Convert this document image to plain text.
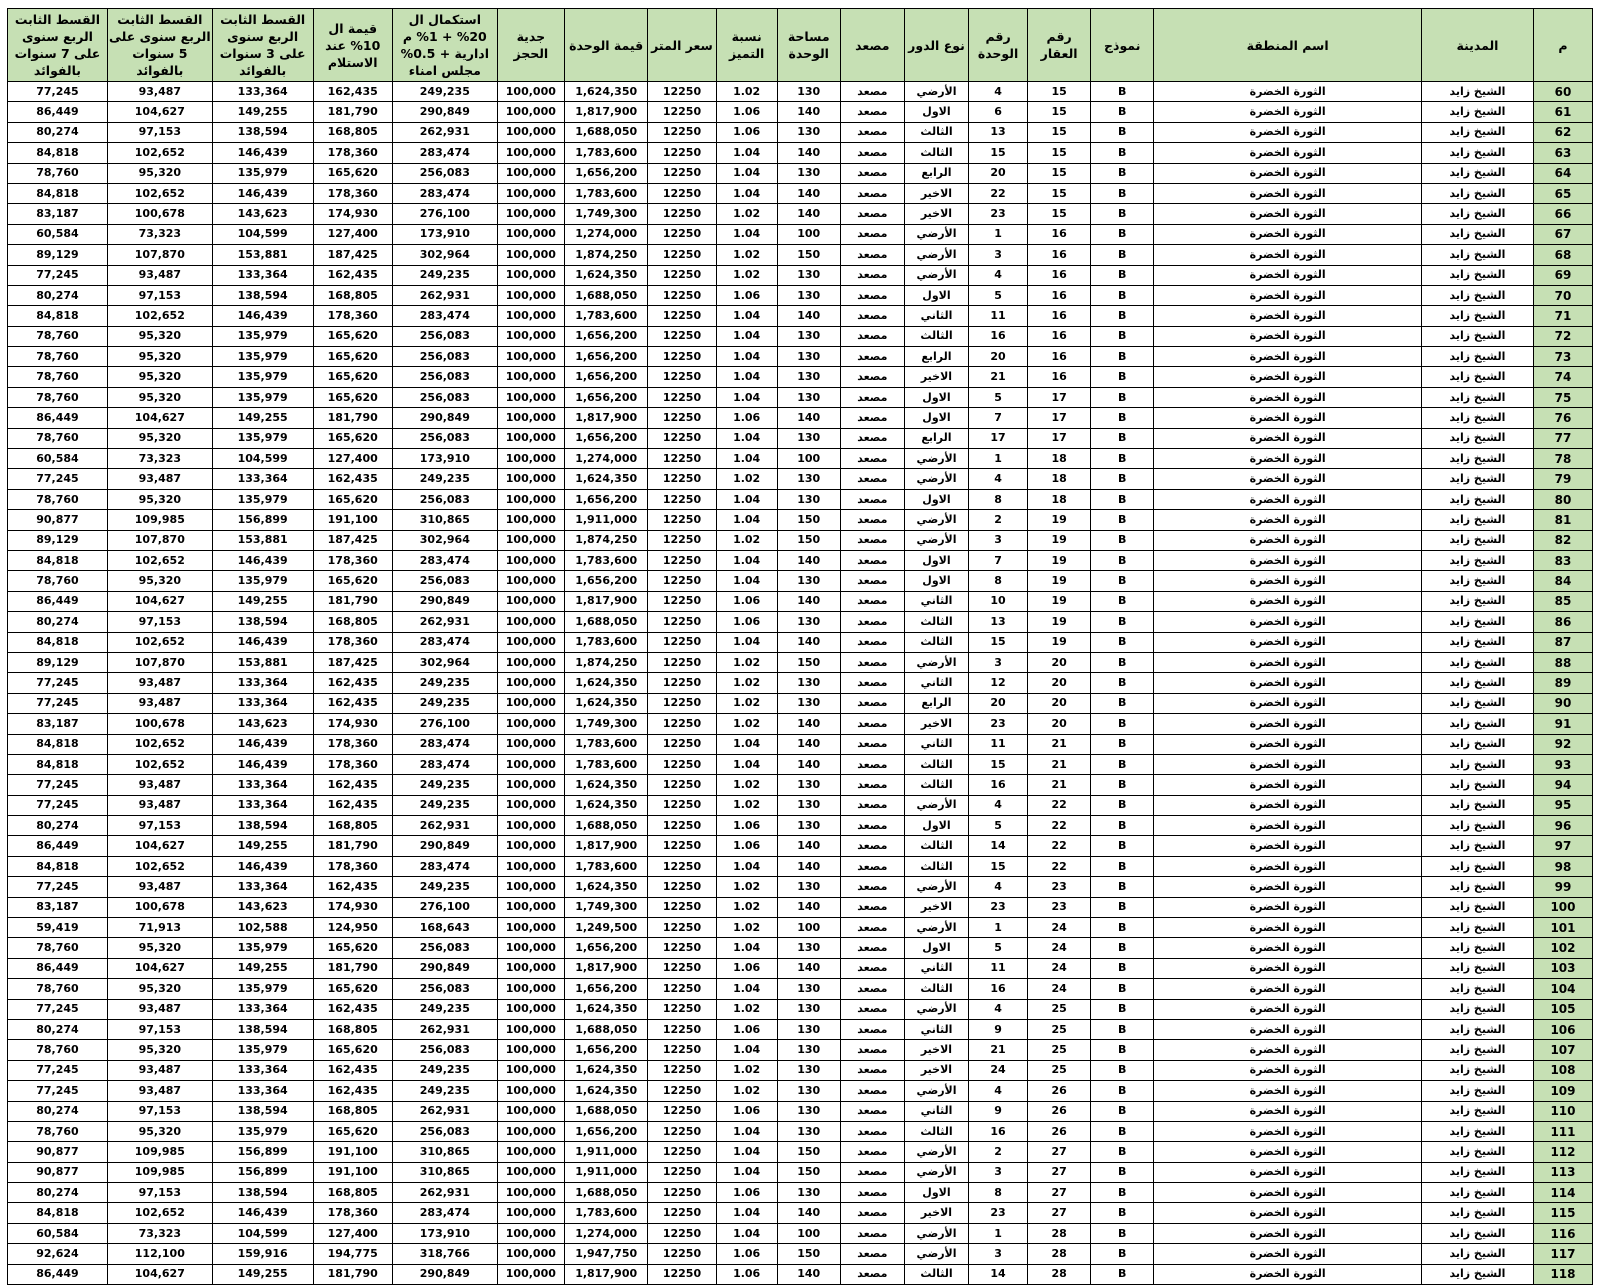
م	المدينة	اسم المنطقة	نموذج	رقم العقار	رقم الوحدة	نوع الدور	مصعد	مساحة الوحدة	نسبة التميز	سعر المتر	قيمة الوحدة	جدية الحجز	استكمال ال 20% + 1% م ادارية + 0.5% مجلس امناء	قيمة ال 10% عند الاستلام	القسط الثابت الربع سنوى على 3 سنوات بالفوائد	القسط الثابت الربع سنوى على 5 سنوات بالفوائد	القسط الثابت الربع سنوى على 7 سنوات بالفوائد
60	الشيخ زايد	الثورة الخضرة	B	15	4	الأرضي	مصعد	130	1.02	12250	1,624,350	100,000	249,235	162,435	133,364	93,487	77,245
61	الشيخ زايد	الثورة الخضرة	B	15	6	الاول	مصعد	140	1.06	12250	1,817,900	100,000	290,849	181,790	149,255	104,627	86,449
62	الشيخ زايد	الثورة الخضرة	B	15	13	الثالث	مصعد	130	1.06	12250	1,688,050	100,000	262,931	168,805	138,594	97,153	80,274
63	الشيخ زايد	الثورة الخضرة	B	15	15	الثالث	مصعد	140	1.04	12250	1,783,600	100,000	283,474	178,360	146,439	102,652	84,818
64	الشيخ زايد	الثورة الخضرة	B	15	20	الرابع	مصعد	130	1.04	12250	1,656,200	100,000	256,083	165,620	135,979	95,320	78,760
65	الشيخ زايد	الثورة الخضرة	B	15	22	الاخير	مصعد	140	1.04	12250	1,783,600	100,000	283,474	178,360	146,439	102,652	84,818
66	الشيخ زايد	الثورة الخضرة	B	15	23	الاخير	مصعد	140	1.02	12250	1,749,300	100,000	276,100	174,930	143,623	100,678	83,187
67	الشيخ زايد	الثورة الخضرة	B	16	1	الأرضي	مصعد	100	1.04	12250	1,274,000	100,000	173,910	127,400	104,599	73,323	60,584
68	الشيخ زايد	الثورة الخضرة	B	16	3	الأرضي	مصعد	150	1.02	12250	1,874,250	100,000	302,964	187,425	153,881	107,870	89,129
69	الشيخ زايد	الثورة الخضرة	B	16	4	الأرضي	مصعد	130	1.02	12250	1,624,350	100,000	249,235	162,435	133,364	93,487	77,245
70	الشيخ زايد	الثورة الخضرة	B	16	5	الاول	مصعد	130	1.06	12250	1,688,050	100,000	262,931	168,805	138,594	97,153	80,274
71	الشيخ زايد	الثورة الخضرة	B	16	11	الثاني	مصعد	140	1.04	12250	1,783,600	100,000	283,474	178,360	146,439	102,652	84,818
72	الشيخ زايد	الثورة الخضرة	B	16	16	الثالث	مصعد	130	1.04	12250	1,656,200	100,000	256,083	165,620	135,979	95,320	78,760
73	الشيخ زايد	الثورة الخضرة	B	16	20	الرابع	مصعد	130	1.04	12250	1,656,200	100,000	256,083	165,620	135,979	95,320	78,760
74	الشيخ زايد	الثورة الخضرة	B	16	21	الاخير	مصعد	130	1.04	12250	1,656,200	100,000	256,083	165,620	135,979	95,320	78,760
75	الشيخ زايد	الثورة الخضرة	B	17	5	الاول	مصعد	130	1.04	12250	1,656,200	100,000	256,083	165,620	135,979	95,320	78,760
76	الشيخ زايد	الثورة الخضرة	B	17	7	الاول	مصعد	140	1.06	12250	1,817,900	100,000	290,849	181,790	149,255	104,627	86,449
77	الشيخ زايد	الثورة الخضرة	B	17	17	الرابع	مصعد	130	1.04	12250	1,656,200	100,000	256,083	165,620	135,979	95,320	78,760
78	الشيخ زايد	الثورة الخضرة	B	18	1	الأرضي	مصعد	100	1.04	12250	1,274,000	100,000	173,910	127,400	104,599	73,323	60,584
79	الشيخ زايد	الثورة الخضرة	B	18	4	الأرضي	مصعد	130	1.02	12250	1,624,350	100,000	249,235	162,435	133,364	93,487	77,245
80	الشيخ زايد	الثورة الخضرة	B	18	8	الاول	مصعد	130	1.04	12250	1,656,200	100,000	256,083	165,620	135,979	95,320	78,760
81	الشيخ زايد	الثورة الخضرة	B	19	2	الأرضي	مصعد	150	1.04	12250	1,911,000	100,000	310,865	191,100	156,899	109,985	90,877
82	الشيخ زايد	الثورة الخضرة	B	19	3	الأرضي	مصعد	150	1.02	12250	1,874,250	100,000	302,964	187,425	153,881	107,870	89,129
83	الشيخ زايد	الثورة الخضرة	B	19	7	الاول	مصعد	140	1.04	12250	1,783,600	100,000	283,474	178,360	146,439	102,652	84,818
84	الشيخ زايد	الثورة الخضرة	B	19	8	الاول	مصعد	130	1.04	12250	1,656,200	100,000	256,083	165,620	135,979	95,320	78,760
85	الشيخ زايد	الثورة الخضرة	B	19	10	الثاني	مصعد	140	1.06	12250	1,817,900	100,000	290,849	181,790	149,255	104,627	86,449
86	الشيخ زايد	الثورة الخضرة	B	19	13	الثالث	مصعد	130	1.06	12250	1,688,050	100,000	262,931	168,805	138,594	97,153	80,274
87	الشيخ زايد	الثورة الخضرة	B	19	15	الثالث	مصعد	140	1.04	12250	1,783,600	100,000	283,474	178,360	146,439	102,652	84,818
88	الشيخ زايد	الثورة الخضرة	B	20	3	الأرضي	مصعد	150	1.02	12250	1,874,250	100,000	302,964	187,425	153,881	107,870	89,129
89	الشيخ زايد	الثورة الخضرة	B	20	12	الثاني	مصعد	130	1.02	12250	1,624,350	100,000	249,235	162,435	133,364	93,487	77,245
90	الشيخ زايد	الثورة الخضرة	B	20	20	الرابع	مصعد	130	1.02	12250	1,624,350	100,000	249,235	162,435	133,364	93,487	77,245
91	الشيخ زايد	الثورة الخضرة	B	20	23	الاخير	مصعد	140	1.02	12250	1,749,300	100,000	276,100	174,930	143,623	100,678	83,187
92	الشيخ زايد	الثورة الخضرة	B	21	11	الثاني	مصعد	140	1.04	12250	1,783,600	100,000	283,474	178,360	146,439	102,652	84,818
93	الشيخ زايد	الثورة الخضرة	B	21	15	الثالث	مصعد	140	1.04	12250	1,783,600	100,000	283,474	178,360	146,439	102,652	84,818
94	الشيخ زايد	الثورة الخضرة	B	21	16	الثالث	مصعد	130	1.02	12250	1,624,350	100,000	249,235	162,435	133,364	93,487	77,245
95	الشيخ زايد	الثورة الخضرة	B	22	4	الأرضي	مصعد	130	1.02	12250	1,624,350	100,000	249,235	162,435	133,364	93,487	77,245
96	الشيخ زايد	الثورة الخضرة	B	22	5	الاول	مصعد	130	1.06	12250	1,688,050	100,000	262,931	168,805	138,594	97,153	80,274
97	الشيخ زايد	الثورة الخضرة	B	22	14	الثالث	مصعد	140	1.06	12250	1,817,900	100,000	290,849	181,790	149,255	104,627	86,449
98	الشيخ زايد	الثورة الخضرة	B	22	15	الثالث	مصعد	140	1.04	12250	1,783,600	100,000	283,474	178,360	146,439	102,652	84,818
99	الشيخ زايد	الثورة الخضرة	B	23	4	الأرضي	مصعد	130	1.02	12250	1,624,350	100,000	249,235	162,435	133,364	93,487	77,245
100	الشيخ زايد	الثورة الخضرة	B	23	23	الاخير	مصعد	140	1.02	12250	1,749,300	100,000	276,100	174,930	143,623	100,678	83,187
101	الشيخ زايد	الثورة الخضرة	B	24	1	الأرضي	مصعد	100	1.02	12250	1,249,500	100,000	168,643	124,950	102,588	71,913	59,419
102	الشيخ زايد	الثورة الخضرة	B	24	5	الاول	مصعد	130	1.04	12250	1,656,200	100,000	256,083	165,620	135,979	95,320	78,760
103	الشيخ زايد	الثورة الخضرة	B	24	11	الثاني	مصعد	140	1.06	12250	1,817,900	100,000	290,849	181,790	149,255	104,627	86,449
104	الشيخ زايد	الثورة الخضرة	B	24	16	الثالث	مصعد	130	1.04	12250	1,656,200	100,000	256,083	165,620	135,979	95,320	78,760
105	الشيخ زايد	الثورة الخضرة	B	25	4	الأرضي	مصعد	130	1.02	12250	1,624,350	100,000	249,235	162,435	133,364	93,487	77,245
106	الشيخ زايد	الثورة الخضرة	B	25	9	الثاني	مصعد	130	1.06	12250	1,688,050	100,000	262,931	168,805	138,594	97,153	80,274
107	الشيخ زايد	الثورة الخضرة	B	25	21	الاخير	مصعد	130	1.04	12250	1,656,200	100,000	256,083	165,620	135,979	95,320	78,760
108	الشيخ زايد	الثورة الخضرة	B	25	24	الاخير	مصعد	130	1.02	12250	1,624,350	100,000	249,235	162,435	133,364	93,487	77,245
109	الشيخ زايد	الثورة الخضرة	B	26	4	الأرضي	مصعد	130	1.02	12250	1,624,350	100,000	249,235	162,435	133,364	93,487	77,245
110	الشيخ زايد	الثورة الخضرة	B	26	9	الثاني	مصعد	130	1.06	12250	1,688,050	100,000	262,931	168,805	138,594	97,153	80,274
111	الشيخ زايد	الثورة الخضرة	B	26	16	الثالث	مصعد	130	1.04	12250	1,656,200	100,000	256,083	165,620	135,979	95,320	78,760
112	الشيخ زايد	الثورة الخضرة	B	27	2	الأرضي	مصعد	150	1.04	12250	1,911,000	100,000	310,865	191,100	156,899	109,985	90,877
113	الشيخ زايد	الثورة الخضرة	B	27	3	الأرضي	مصعد	150	1.04	12250	1,911,000	100,000	310,865	191,100	156,899	109,985	90,877
114	الشيخ زايد	الثورة الخضرة	B	27	8	الاول	مصعد	130	1.06	12250	1,688,050	100,000	262,931	168,805	138,594	97,153	80,274
115	الشيخ زايد	الثورة الخضرة	B	27	23	الاخير	مصعد	140	1.04	12250	1,783,600	100,000	283,474	178,360	146,439	102,652	84,818
116	الشيخ زايد	الثورة الخضرة	B	28	1	الأرضي	مصعد	100	1.04	12250	1,274,000	100,000	173,910	127,400	104,599	73,323	60,584
117	الشيخ زايد	الثورة الخضرة	B	28	3	الأرضي	مصعد	150	1.06	12250	1,947,750	100,000	318,766	194,775	159,916	112,100	92,624
118	الشيخ زايد	الثورة الخضرة	B	28	14	الثالث	مصعد	140	1.06	12250	1,817,900	100,000	290,849	181,790	149,255	104,627	86,449
